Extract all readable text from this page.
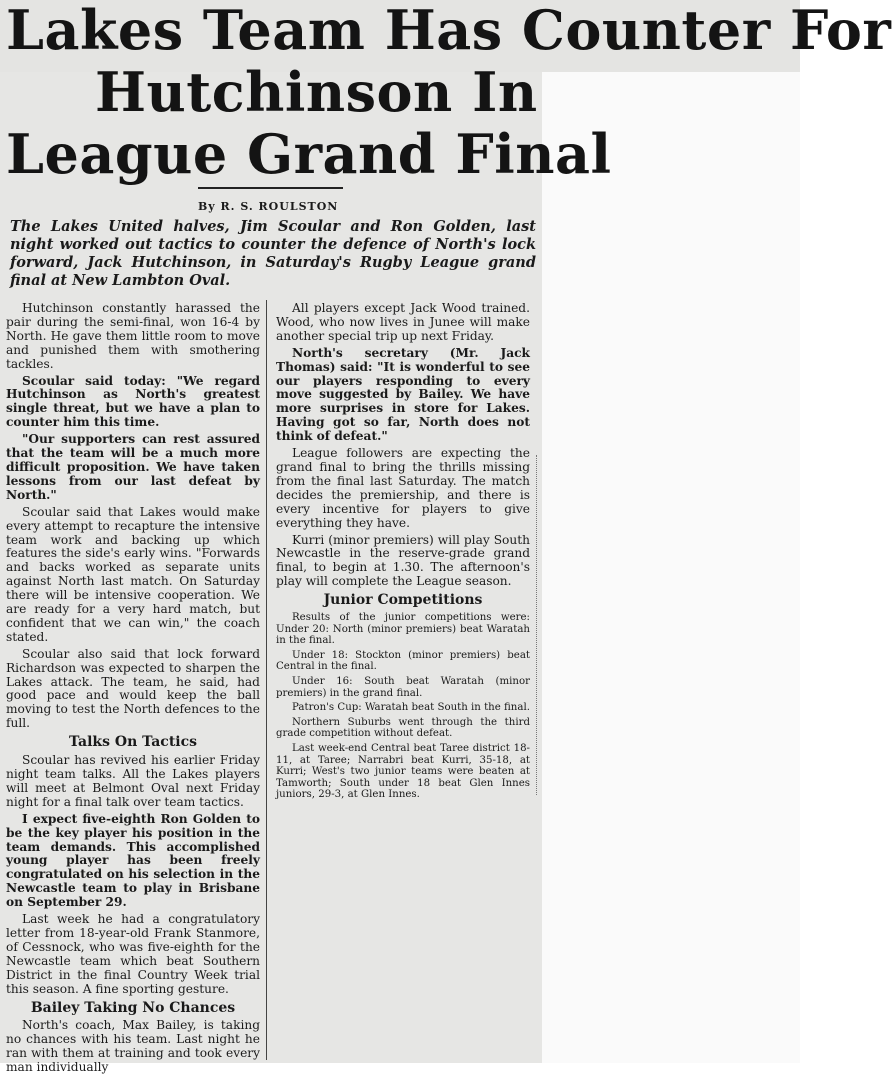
Lakes Team Has Counter For
Hutchinson In
League Grand Final
By R. S. ROULSTON
The Lakes United halves, Jim Scoular and Ron Golden, last night worked out tactics to counter the defence of North's lock forward, Jack Hutchinson, in Saturday's Rugby League grand final at New Lambton Oval.

Hutchinson constantly harassed the pair during the semi-final, won 16-4 by North. He gave them little room to move and punished them with smothering tackles.

Scoular said today: "We regard Hutchinson as North's greatest single threat, but we have a plan to counter him this time.

"Our supporters can rest assured that the team will be a much more difficult proposition. We have taken lessons from our last defeat by North."

Scoular said that Lakes would make every attempt to recapture the intensive team work and backing up which features the side's early wins. "Forwards and backs worked as separate units against North last match. On Saturday there will be intensive cooperation. We are ready for a very hard match, but confident that we can win," the coach stated.

Scoular also said that lock forward Richardson was expected to sharpen the Lakes attack. The team, he said, had good pace and would keep the ball moving to test the North defences to the full.

Talks On Tactics

Scoular has revived his earlier Friday night team talks. All the Lakes players will meet at Belmont Oval next Friday night for a final talk over team tactics.

I expect five-eighth Ron Golden to be the key player his position in the team demands. This accomplished young player has been freely congratulated on his selection in the Newcastle team to play in Brisbane on September 29.

Last week he had a congratulatory letter from 18-year-old Frank Stanmore, of Cessnock, who was five-eighth for the Newcastle team which beat Southern District in the final Country Week trial this season. A fine sporting gesture.

Bailey Taking No Chances

North's coach, Max Bailey, is taking no chances with his team. Last night he ran with them at training and took every man individually

All players except Jack Wood trained. Wood, who now lives in Junee will make another special trip up next Friday.

North's secretary (Mr. Jack Thomas) said: "It is wonderful to see our players responding to every move suggested by Bailey. We have more surprises in store for Lakes. Having got so far, North does not think of defeat."

League followers are expecting the grand final to bring the thrills missing from the final last Saturday. The match decides the premiership, and there is every incentive for players to give everything they have.

Kurri (minor premiers) will play South Newcastle in the reserve-grade grand final, to begin at 1.30. The afternoon's play will complete the League season.

Junior Competitions

Results of the junior competitions were: Under 20: North (minor premiers) beat Waratah in the final.

Under 18: Stockton (minor premiers) beat Central in the final.

Under 16: South beat Waratah (minor premiers) in the grand final.

Patron's Cup: Waratah beat South in the final.

Northern Suburbs went through the third grade competition without defeat.

Last week-end Central beat Taree district 18-11, at Taree; Narrabri beat Kurri, 35-18, at Kurri; West's two junior teams were beaten at Tamworth; South under 18 beat Glen Innes juniors, 29-3, at Glen Innes.
